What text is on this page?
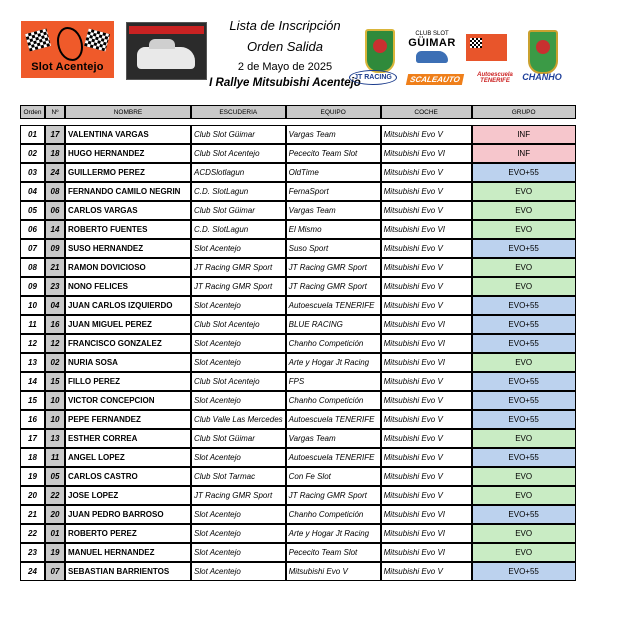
Slot Acentejo
Lista de Inscripción
Orden Salida
2 de Mayo de 2025
I Rallye Mitsubishi Acentejo
CLUB SLOT
GÜIMAR
JT RACING	SCALEAUTO	Autoescuela TENERIFE	CHANHO
Orden	Nº	NOMBRE	ESCUDERIA	EQUIPO	COCHE	GRUPO

01	17	VALENTINA VARGAS	Club Slot Güimar	Vargas Team	Mitsubishi Evo V	INF
02	18	HUGO HERNANDEZ	Club Slot Acentejo	Pececito Team Slot	Mitsubishi Evo VI	INF
03	24	GUILLERMO PEREZ	ACDSlotlagun	OldTime	Mitsubishi Evo V	EVO+55
04	08	FERNANDO CAMILO NEGRIN	C.D. SlotLagun	FernaSport	Mitsubishi Evo V	EVO
05	06	CARLOS VARGAS	Club Slot Güimar	Vargas Team	Mitsubishi Evo V	EVO
06	14	ROBERTO FUENTES	C.D. SlotLagun	El Mismo	Mitsubishi Evo VI	EVO
07	09	SUSO HERNANDEZ	Slot Acentejo	Suso Sport	Mitsubishi Evo V	EVO+55
08	21	RAMON DOVICIOSO	JT Racing GMR Sport	JT Racing GMR Sport	Mitsubishi Evo V	EVO
09	23	NONO FELICES	JT Racing GMR Sport	JT Racing GMR Sport	Mitsubishi Evo V	EVO
10	04	JUAN CARLOS IZQUIERDO	Slot Acentejo	Autoescuela TENERIFE	Mitsubishi Evo V	EVO+55
11	16	JUAN MIGUEL PEREZ	Club Slot Acentejo	BLUE RACING	Mitsubishi Evo VI	EVO+55
12	12	FRANCISCO GONZALEZ	Slot Acentejo	Chanho Competición	Mitsubishi Evo VI	EVO+55
13	02	NURIA SOSA	Slot Acentejo	Arte y Hogar Jt Racing	Mitsubishi Evo VI	EVO
14	15	FILLO PEREZ	Club Slot Acentejo	FPS	Mitsubishi Evo V	EVO+55
15	10	VICTOR CONCEPCION	Slot Acentejo	Chanho Competición	Mitsubishi Evo V	EVO+55
16	10	PEPE FERNANDEZ	Club Valle Las Mercedes	Autoescuela TENERIFE	Mitsubishi Evo V	EVO+55
17	13	ESTHER CORREA	Club Slot Güimar	Vargas Team	Mitsubishi Evo V	EVO
18	11	ANGEL LOPEZ	Slot Acentejo	Autoescuela TENERIFE	Mitsubishi Evo V	EVO+55
19	05	CARLOS CASTRO	Club Slot Tarmac	Con Fe Slot	Mitsubishi Evo V	EVO
20	22	JOSE LOPEZ	JT Racing GMR Sport	JT Racing GMR Sport	Mitsubishi Evo V	EVO
21	20	JUAN PEDRO BARROSO	Slot Acentejo	Chanho Competición	Mitsubishi Evo VI	EVO+55
22	01	ROBERTO PEREZ	Slot Acentejo	Arte y Hogar Jt Racing	Mitsubishi Evo VI	EVO
23	19	MANUEL HERNANDEZ	Slot Acentejo	Pececito Team Slot	Mitsubishi Evo VI	EVO
24	07	SEBASTIAN BARRIENTOS	Slot Acentejo	Mitsubishi Evo V	Mitsubishi Evo V	EVO+55
